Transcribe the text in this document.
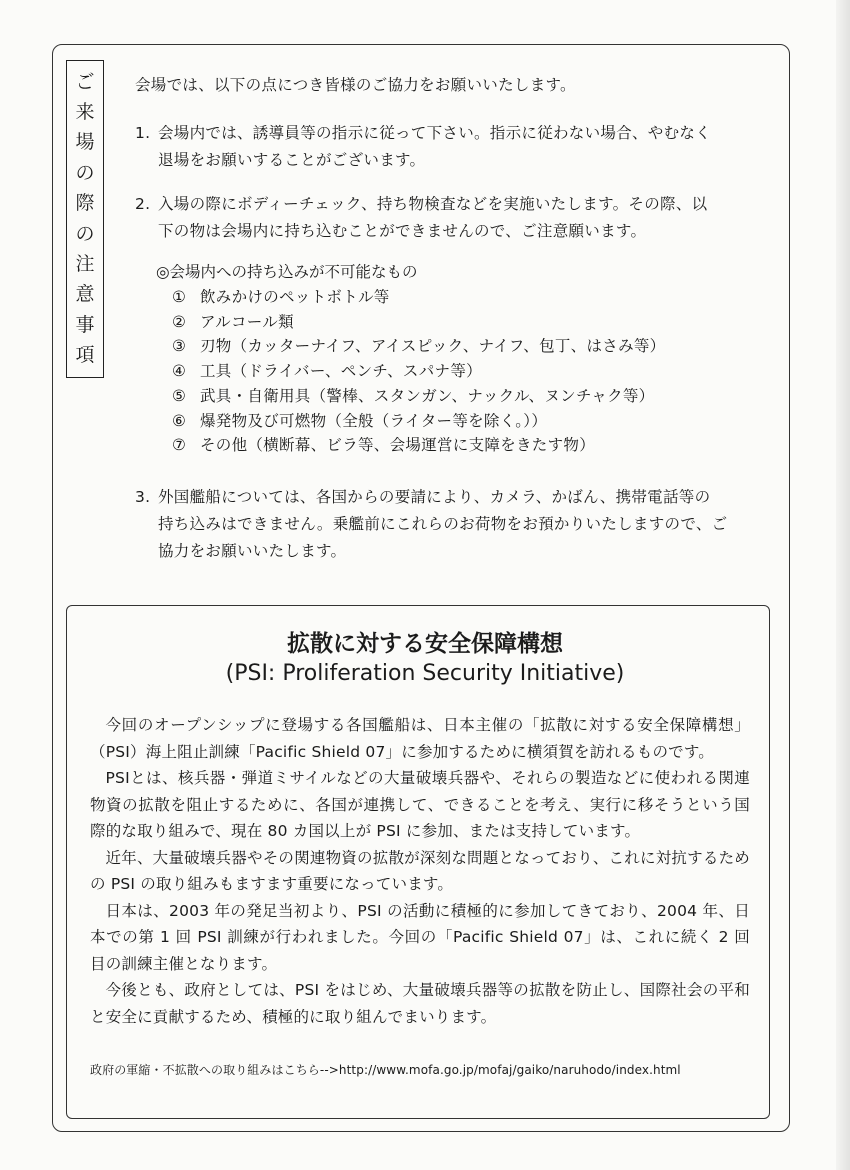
ご
来
場
の
際
の
注
意
事
項
会場では、以下の点につき皆様のご協力をお願いいたします。
1. 会場内では、誘導員等の指示に従って下さい。指示に従わない場合、やむなく
退場をお願いすることがございます。
2. 入場の際にボディーチェック、持ち物検査などを実施いたします。その際、以
下の物は会場内に持ち込むことができませんので、ご注意願います。
◎会場内への持ち込みが不可能なもの
① 飲みかけのペットボトル等
② アルコール類
③ 刃物（カッターナイフ、アイスピック、ナイフ、包丁、はさみ等）
④ 工具（ドライバー、ペンチ、スパナ等）
⑤ 武具・自衛用具（警棒、スタンガン、ナックル、ヌンチャク等）
⑥ 爆発物及び可燃物（全般（ライター等を除く。））
⑦ その他（横断幕、ビラ等、会場運営に支障をきたす物）
3. 外国艦船については、各国からの要請により、カメラ、かばん、携帯電話等の
持ち込みはできません。乗艦前にこれらのお荷物をお預かりいたしますので、ご
協力をお願いいたします。
拡散に対する安全保障構想
(PSI: Proliferation Security Initiative)

今回のオープンシップに登場する各国艦船は、日本主催の「拡散に対する安全保障構想」（PSI）海上阻止訓練「Pacific Shield 07」に参加するために横須賀を訪れるものです。

PSIとは、核兵器・弾道ミサイルなどの大量破壊兵器や、それらの製造などに使われる関連物資の拡散を阻止するために、各国が連携して、できることを考え、実行に移そうという国際的な取り組みで、現在 80 カ国以上が PSI に参加、または支持しています。

近年、大量破壊兵器やその関連物資の拡散が深刻な問題となっており、これに対抗するための PSI の取り組みもますます重要になっています。

日本は、2003 年の発足当初より、PSI の活動に積極的に参加してきており、2004 年、日本での第 1 回 PSI 訓練が行われました。今回の「Pacific Shield 07」は、これに続く 2 回目の訓練主催となります。

今後とも、政府としては、PSI をはじめ、大量破壊兵器等の拡散を防止し、国際社会の平和と安全に貢献するため、積極的に取り組んでまいります。

政府の軍縮・不拡散への取り組みはこちら-->http://www.mofa.go.jp/mofaj/gaiko/naruhodo/index.html
